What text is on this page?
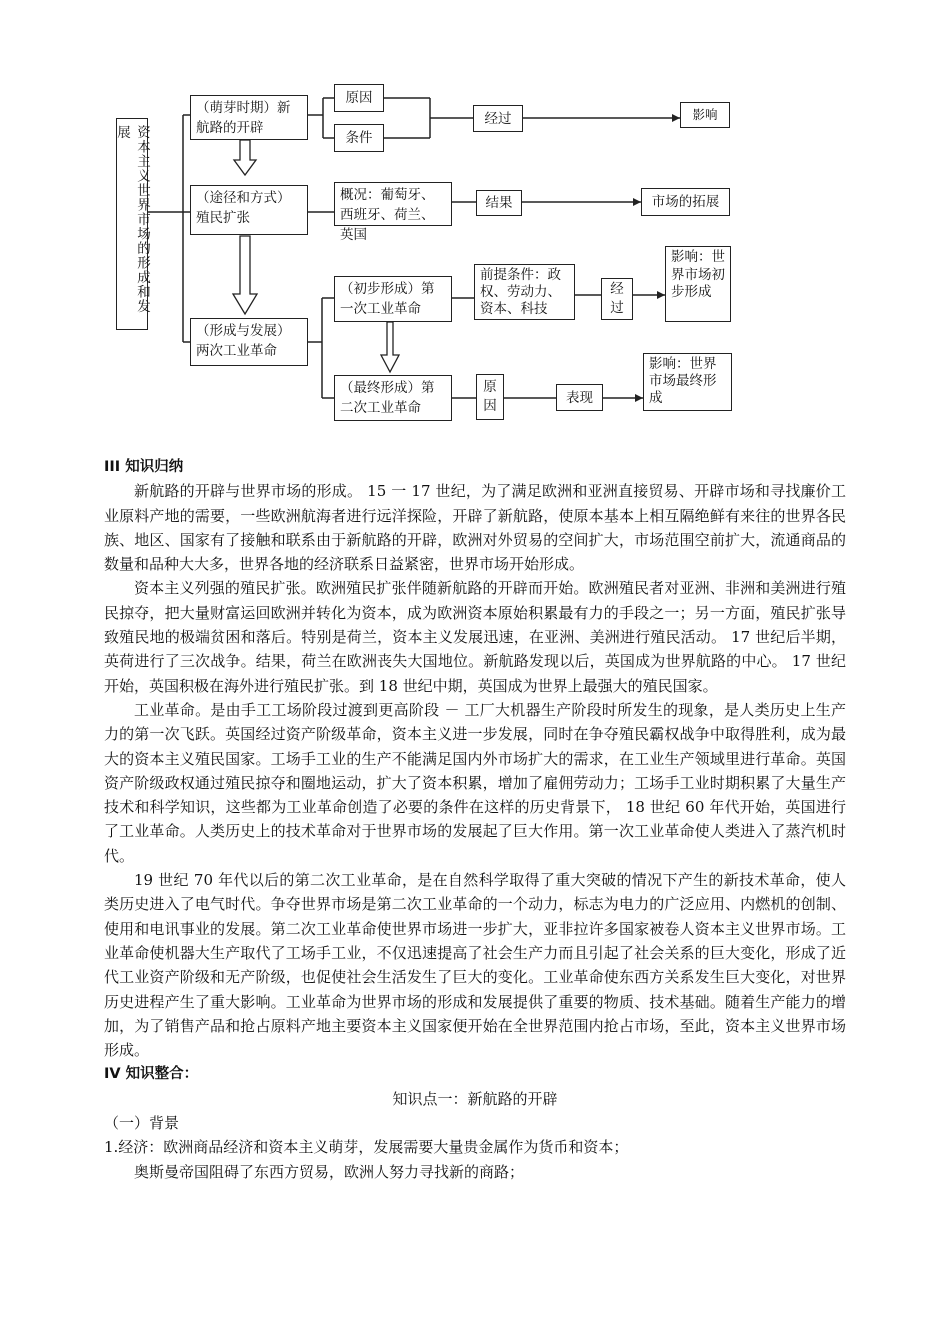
资本主义世界市场的形成和发展
（萌芽时期）新航路的开辟
（途径和方式）殖民扩张
（形成与发展）两次工业革命
原因
条件
经过	影响
概况：葡萄牙、西班牙、荷兰、英国
结果	市场的拓展
（初步形成）第一次工业革命
前提条件：政权、劳动力、资本、科技
经过
影响：世界市场初步形成
（最终形成）第二次工业革命
原因
表现
影响：世界市场最终形成

III 知识归纳

新航路的开辟与世界市场的形成。 15 一 17 世纪，为了满足欧洲和亚洲直接贸易、开辟市场和寻找廉价工业原料产地的需要，一些欧洲航海者进行远洋探险，开辟了新航路，使原本基本上相互隔绝鲜有来往的世界各民族、地区、国家有了接触和联系由于新航路的开辟，欧洲对外贸易的空间扩大，市场范围空前扩大，流通商品的数量和品种大大多，世界各地的经济联系日益紧密，世界市场开始形成。

资本主义列强的殖民扩张。欧洲殖民扩张伴随新航路的开辟而开始。欧洲殖民者对亚洲、非洲和美洲进行殖民掠夺，把大量财富运回欧洲并转化为资本，成为欧洲资本原始积累最有力的手段之一；另一方面，殖民扩张导致殖民地的极端贫困和落后。特别是荷兰，资本主义发展迅速，在亚洲、美洲进行殖民活动。 17 世纪后半期，英荷进行了三次战争。结果，荷兰在欧洲丧失大国地位。新航路发现以后，英国成为世界航路的中心。 17 世纪开始，英国积极在海外进行殖民扩张。到 18 世纪中期，英国成为世界上最强大的殖民国家。

工业革命。是由手工工场阶段过渡到更高阶段 － 工厂大机器生产阶段时所发生的现象，是人类历史上生产力的第一次飞跃。英国经过资产阶级革命，资本主义进一步发展，同时在争夺殖民霸权战争中取得胜利，成为最大的资本主义殖民国家。工场手工业的生产不能满足国内外市场扩大的需求，在工业生产领域里进行革命。英国资产阶级政权通过殖民掠夺和圈地运动，扩大了资本积累，增加了雇佣劳动力；工场手工业时期积累了大量生产技术和科学知识，这些都为工业革命创造了必要的条件在这样的历史背景下， 18 世纪 60 年代开始，英国进行了工业革命。人类历史上的技术革命对于世界市场的发展起了巨大作用。第一次工业革命使人类进入了蒸汽机时代。

19 世纪 70 年代以后的第二次工业革命，是在自然科学取得了重大突破的情况下产生的新技术革命，使人类历史进入了电气时代。争夺世界市场是第二次工业革命的一个动力，标志为电力的广泛应用、内燃机的创制、使用和电讯事业的发展。第二次工业革命使世界市场进一步扩大，亚非拉许多国家被卷人资本主义世界市场。工业革命使机器大生产取代了工场手工业，不仅迅速提高了社会生产力而且引起了社会关系的巨大变化，形成了近代工业资产阶级和无产阶级，也促使社会生活发生了巨大的变化。工业革命使东西方关系发生巨大变化，对世界历史进程产生了重大影响。工业革命为世界市场的形成和发展提供了重要的物质、技术基础。随着生产能力的增加，为了销售产品和抢占原料产地主要资本主义国家便开始在全世界范围内抢占市场，至此，资本主义世界市场形成。

IV 知识整合：

知识点一：新航路的开辟

（一）背景

1.经济：欧洲商品经济和资本主义萌芽，发展需要大量贵金属作为货币和资本；

奥斯曼帝国阻碍了东西方贸易，欧洲人努力寻找新的商路；
